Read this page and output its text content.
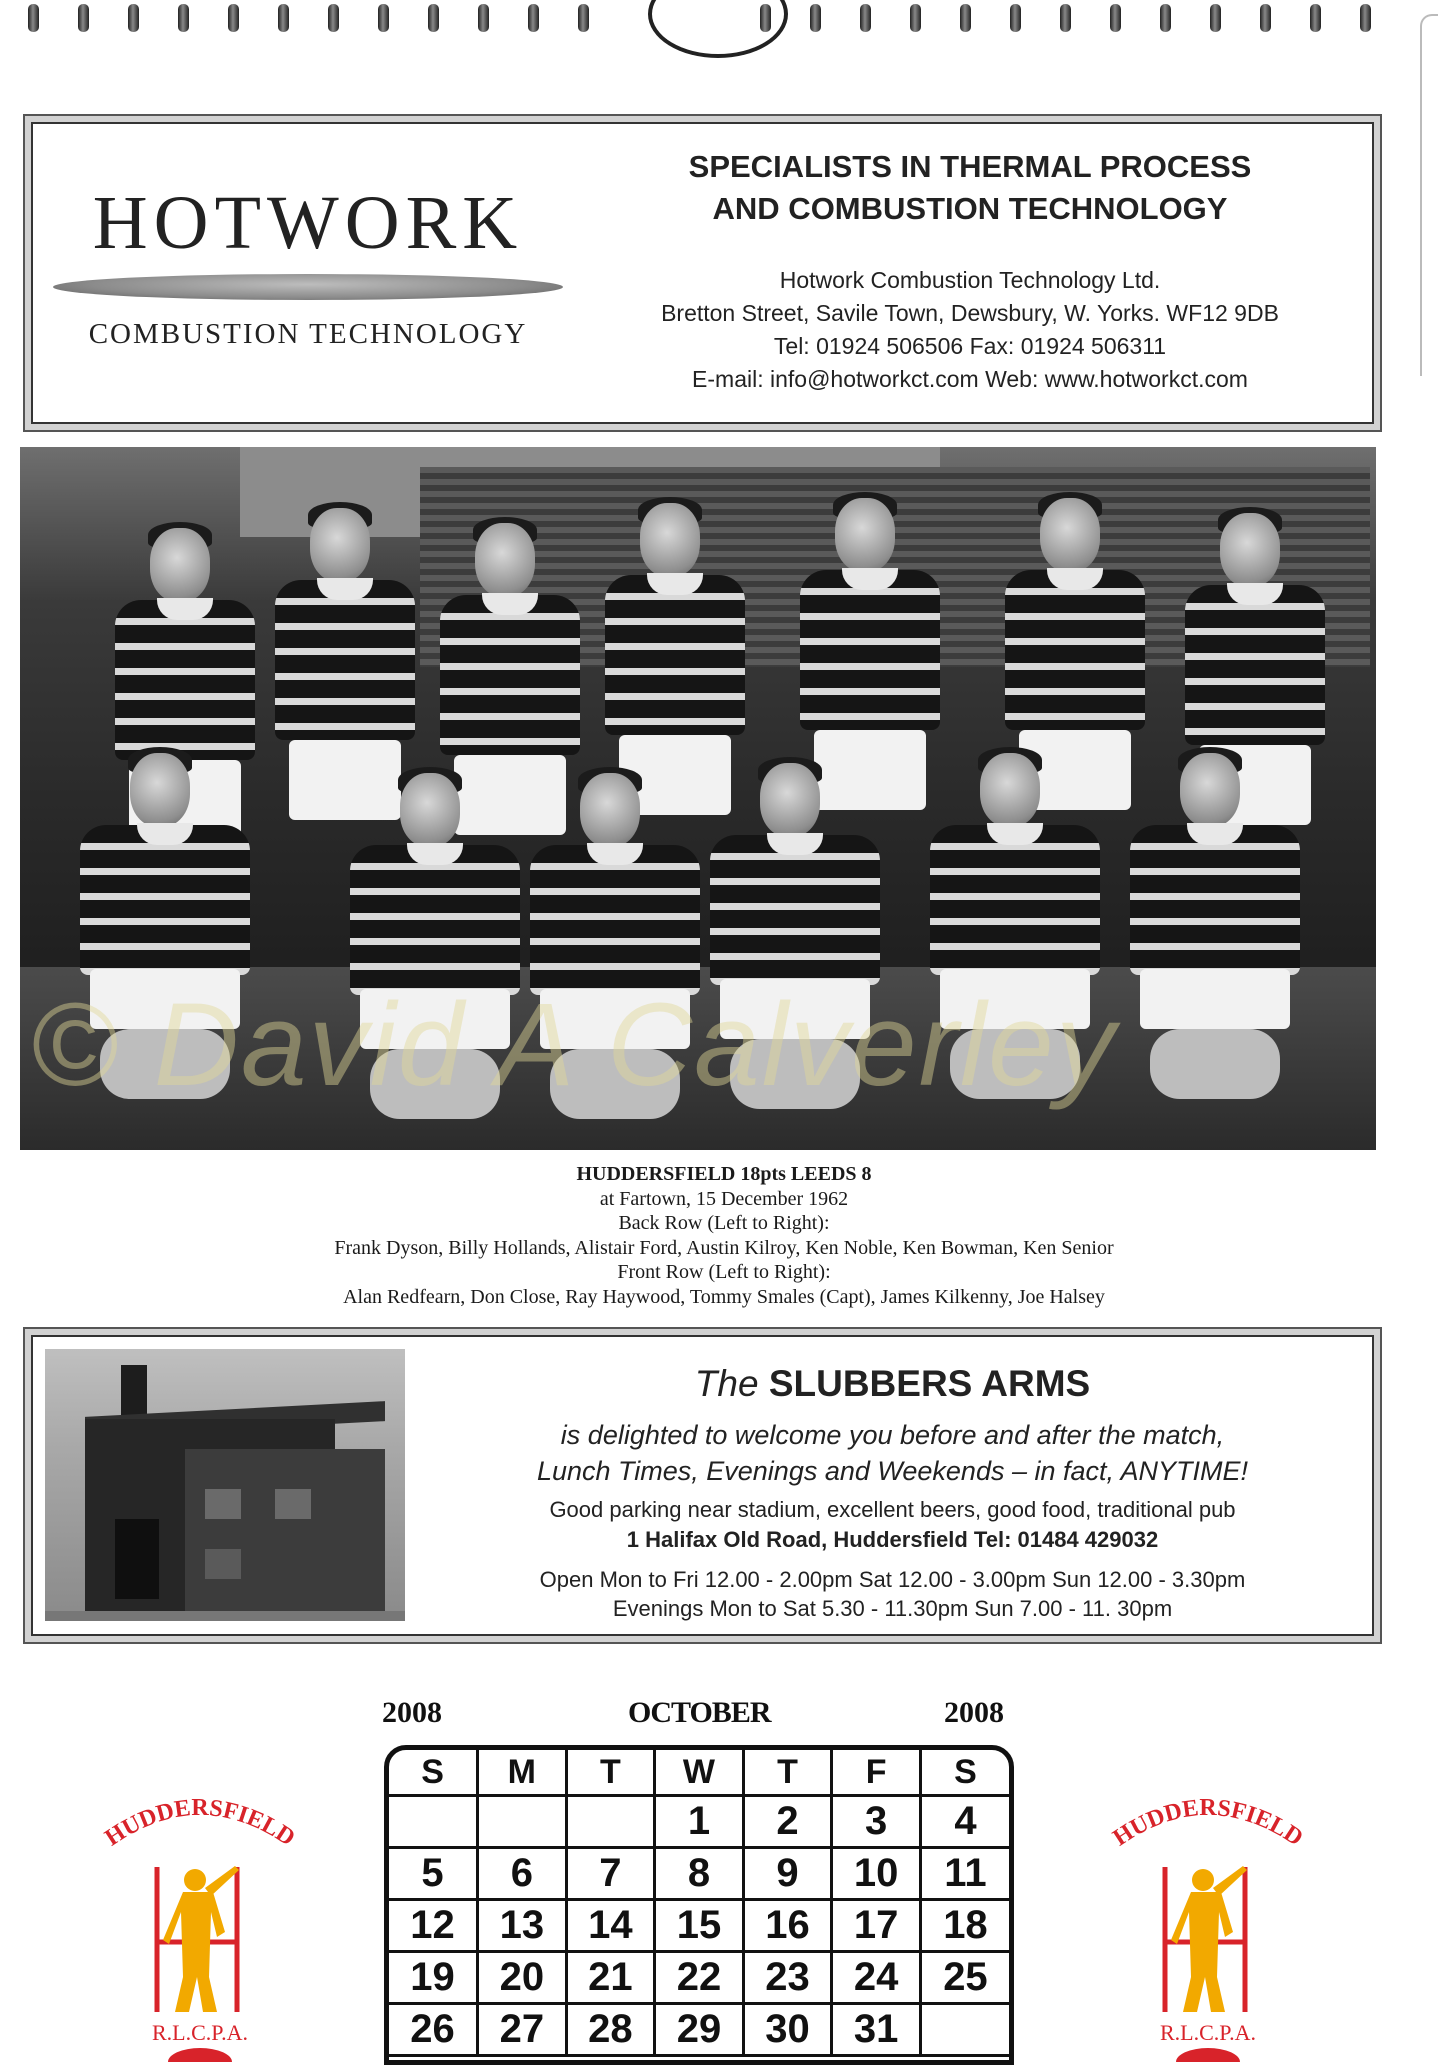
HOTWORK
COMBUSTION TECHNOLOGY
SPECIALISTS IN THERMAL PROCESS
AND COMBUSTION TECHNOLOGY
Hotwork Combustion Technology Ltd.
Bretton Street, Savile Town, Dewsbury, W. Yorks. WF12 9DB
Tel: 01924 506506 Fax: 01924 506311
E-mail: info@hotworkct.com Web: www.hotworkct.com
© David A Calverley
HUDDERSFIELD 18pts LEEDS 8
at Fartown, 15 December 1962
Back Row (Left to Right):
Frank Dyson, Billy Hollands, Alistair Ford, Austin Kilroy, Ken Noble, Ken Bowman, Ken Senior
Front Row (Left to Right):
Alan Redfearn, Don Close, Ray Haywood, Tommy Smales (Capt), James Kilkenny, Joe Halsey
The SLUBBERS ARMS
is delighted to welcome you before and after the match,
Lunch Times, Evenings and Weekends – in fact, ANYTIME!
Good parking near stadium, excellent beers, good food, traditional pub
1 Halifax Old Road, Huddersfield Tel: 01484 429032
Open Mon to Fri 12.00 - 2.00pm Sat 12.00 - 3.00pm Sun 12.00 - 3.30pm
Evenings Mon to Sat 5.30 - 11.30pm Sun 7.00 - 11. 30pm
HUDDERSFIELD
R.L.C.P.A.
HUDDERSFIELD
R.L.C.P.A.
2008	OCTOBER	2008
S	M	T	W	T	F	S
			1	2	3	4
5	6	7	8	9	10	11
12	13	14	15	16	17	18
19	20	21	22	23	24	25
26	27	28	29	30	31	
